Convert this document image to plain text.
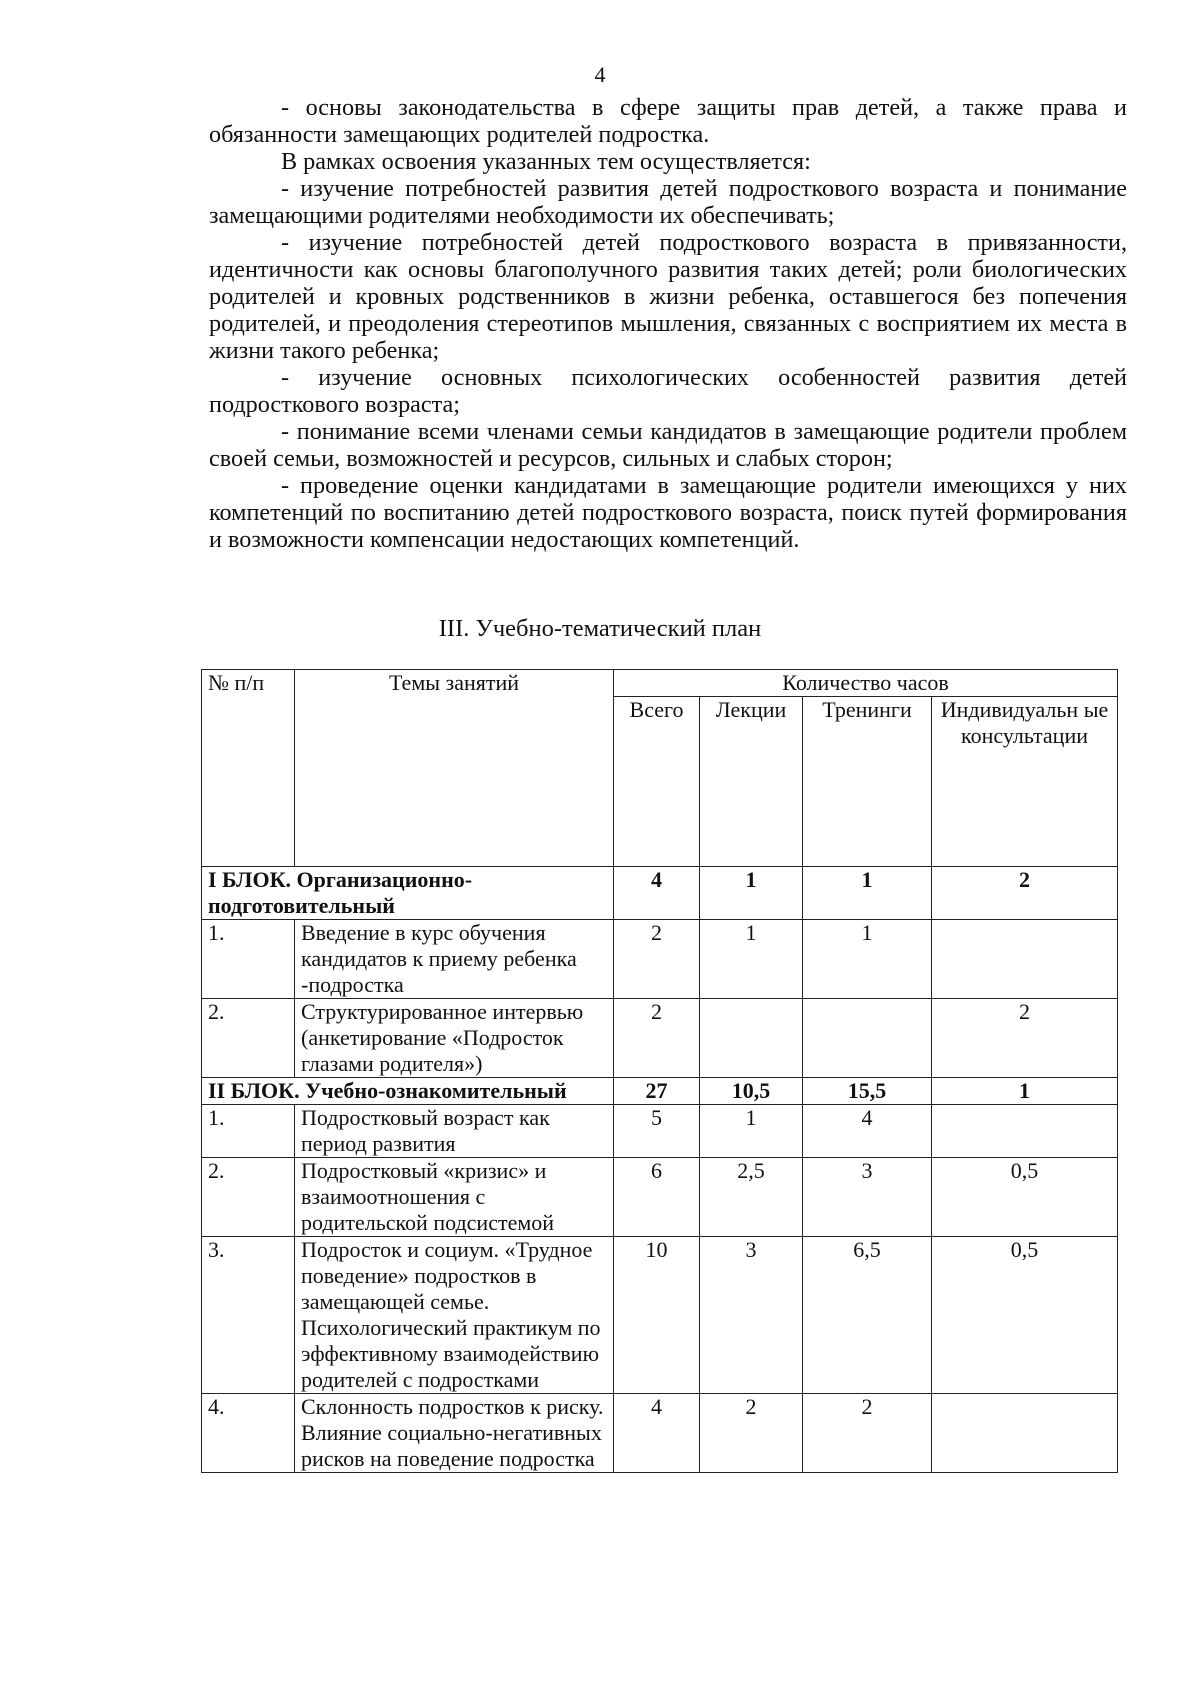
4

- основы законодательства в сфере защиты прав детей, а также права и обязанности замещающих родителей подростка.

В рамках освоения указанных тем осуществляется:

- изучение потребностей развития детей подросткового возраста и понимание замещающими родителями необходимости их обеспечивать;

- изучение потребностей детей подросткового возраста в привязанности, идентичности как основы благополучного развития таких детей; роли биологических родителей и кровных родственников в жизни ребенка, оставшегося без попечения родителей, и преодоления стереотипов мышления, связанных с восприятием их места в жизни такого ребенка;

- изучение основных психологических особенностей развития детей подросткового возраста;

- понимание всеми членами семьи кандидатов в замещающие родители проблем своей семьи, возможностей и ресурсов, сильных и слабых сторон;

- проведение оценки кандидатами в замещающие родители имеющихся у них компетенций по воспитанию детей подросткового возраста, поиск путей формирования и возможности компенсации недостающих компетенций.

III. Учебно-тематический план
№ п/п	Темы занятий	Количество часов			
		Всего	Лекции	Тренинги	Индивидуальн ые консультации
I БЛОК. Организационно-подготовительный		4	1	1	2
1.	Введение в курс обучения кандидатов к приему ребенка -подростка	2	1	1	
2.	Структурированное интервью (анкетирование «Подросток глазами родителя»)	2			2
II БЛОК. Учебно-ознакомительный		27	10,5	15,5	1
1.	Подростковый возраст как период развития	5	1	4	
2.	Подростковый «кризис» и взаимоотношения с родительской подсистемой	6	2,5	3	0,5
3.	Подросток и социум. «Трудное поведение» подростков в замещающей семье. Психологический практикум по эффективному взаимодействию родителей с подростками	10	3	6,5	0,5
4.	Склонность подростков к риску. Влияние социально-негативных рисков на поведение подростка	4	2	2	
